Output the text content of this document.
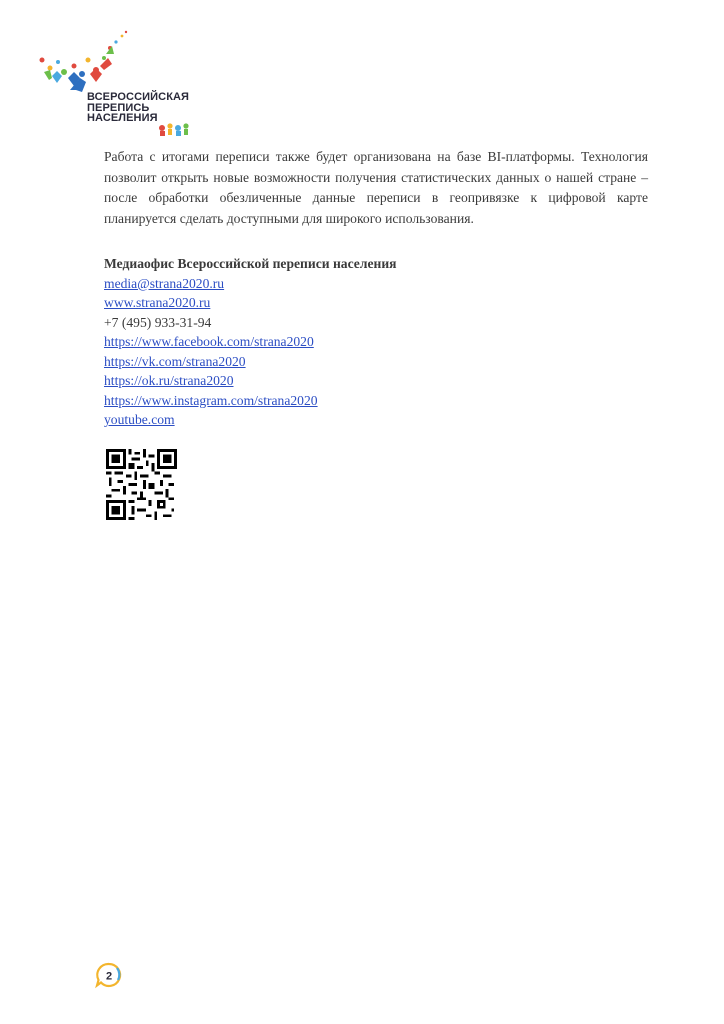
ВСЕРОССИЙСКАЯ
ПЕРЕПИСЬ
НАСЕЛЕНИЯ

Работа с итогами переписи также будет организована на базе BI-платформы. Технология позволит открыть новые возможности получения статистических данных о нашей стране – после обработки обезличенные данные переписи в геопривязке к цифровой карте планируется сделать доступными для широкого использования.

Медиаофис Всероссийской переписи населения
media@strana2020.ru
www.strana2020.ru
+7 (495) 933-31-94
https://www.facebook.com/strana2020
https://vk.com/strana2020
https://ok.ru/strana2020
https://www.instagram.com/strana2020
youtube.com
2
